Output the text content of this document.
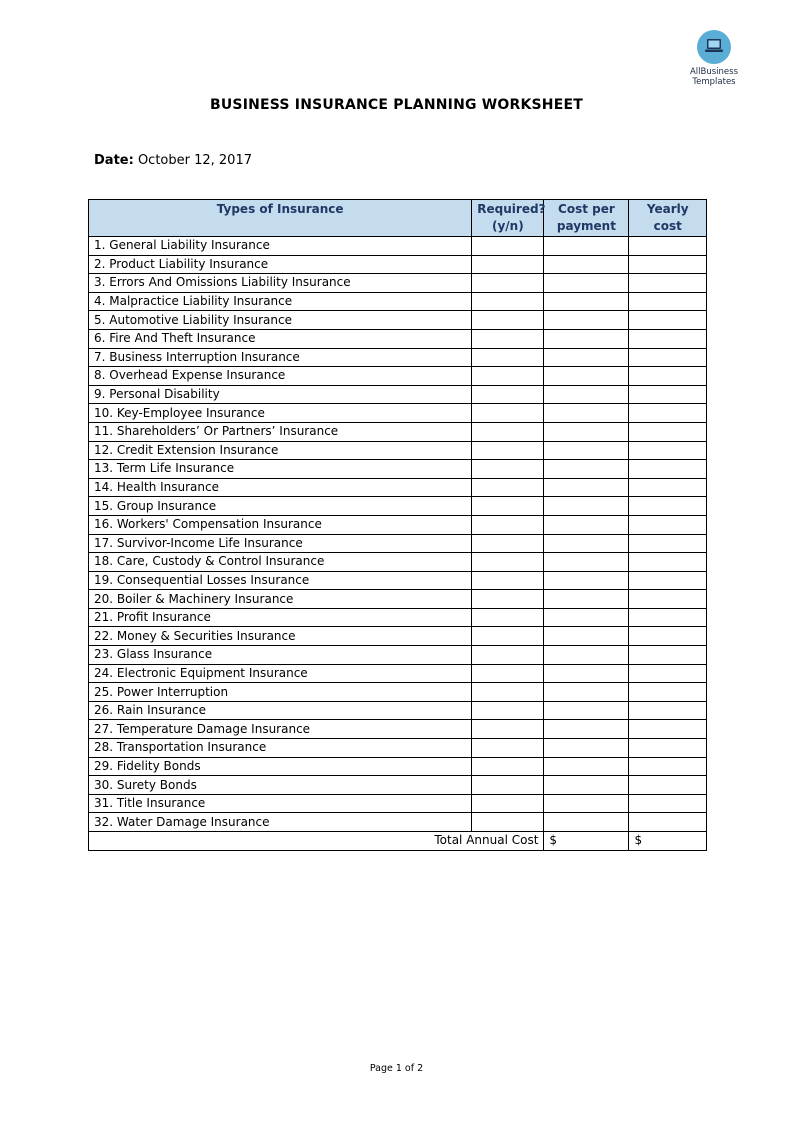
AllBusiness
Templates
BUSINESS INSURANCE PLANNING WORKSHEET
Date: October 12, 2017
Types of Insurance	Required? (y/n)	Cost per payment	Yearly cost
1. General Liability Insurance			
2. Product Liability Insurance			
3. Errors And Omissions Liability Insurance			
4. Malpractice Liability Insurance			
5. Automotive Liability Insurance			
6. Fire And Theft Insurance			
7. Business Interruption Insurance			
8. Overhead Expense Insurance			
9. Personal Disability			
10. Key-Employee Insurance			
11. Shareholders’ Or Partners’ Insurance			
12. Credit Extension Insurance			
13. Term Life Insurance			
14. Health Insurance			
15. Group Insurance			
16. Workers' Compensation Insurance			
17. Survivor-Income Life Insurance			
18. Care, Custody & Control Insurance			
19. Consequential Losses Insurance			
20. Boiler & Machinery Insurance			
21. Profit Insurance			
22. Money & Securities Insurance			
23. Glass Insurance			
24. Electronic Equipment Insurance			
25. Power Interruption			
26. Rain Insurance			
27. Temperature Damage Insurance			
28. Transportation Insurance			
29. Fidelity Bonds			
30. Surety Bonds			
31. Title Insurance			
32. Water Damage Insurance			
Total Annual Cost		$	$
Page 1 of 2
